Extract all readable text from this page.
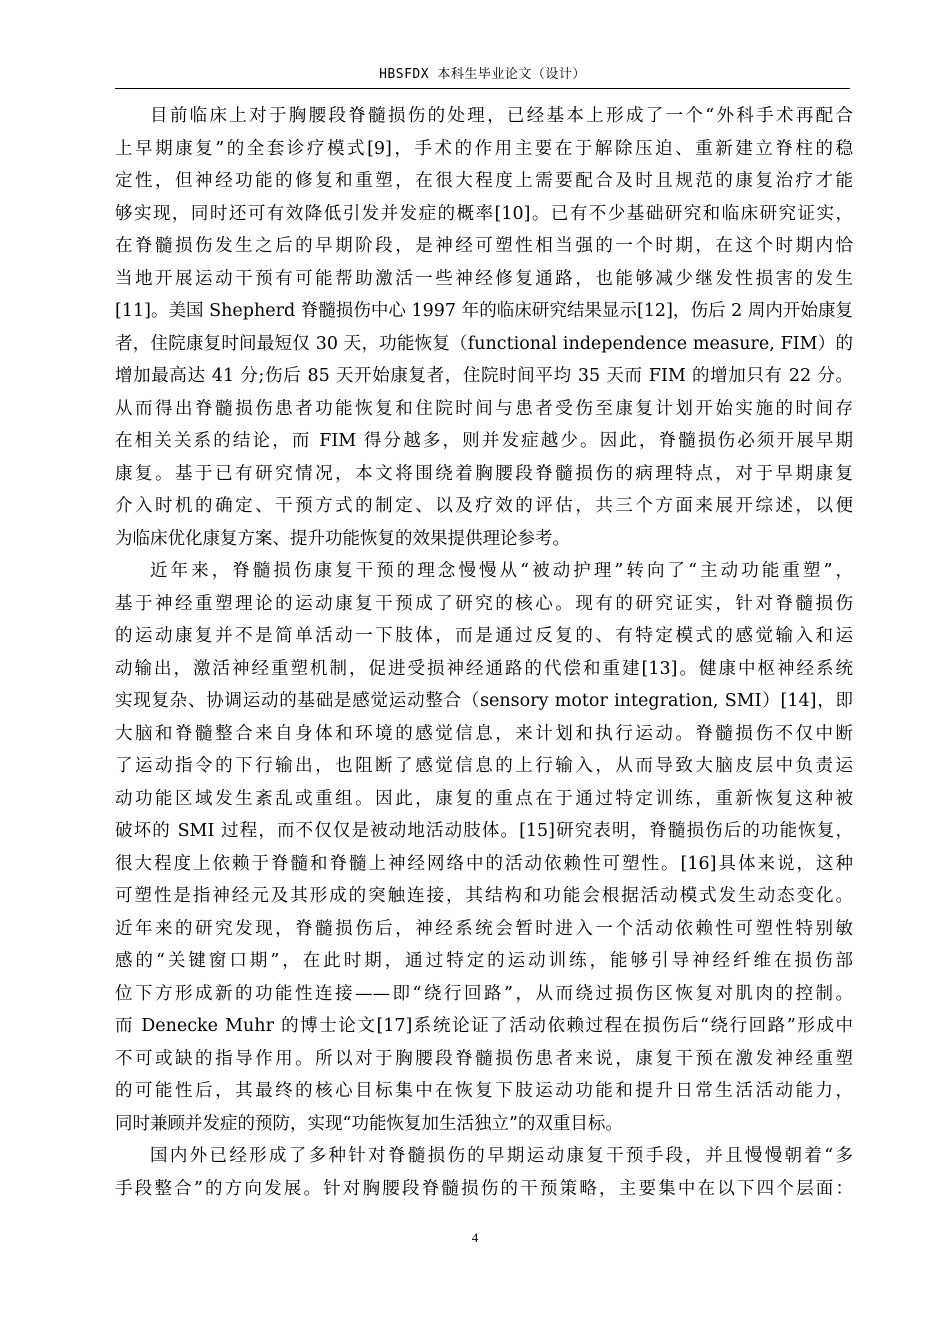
HBSFDX 本科生毕业论文（设计）
目前临床上对于胸腰段脊髓损伤的处理，已经基本上形成了一个“外科手术再配合
上早期康复”的全套诊疗模式[9]，手术的作用主要在于解除压迫、重新建立脊柱的稳
定性，但神经功能的修复和重塑，在很大程度上需要配合及时且规范的康复治疗才能
够实现，同时还可有效降低引发并发症的概率[10]。已有不少基础研究和临床研究证实，
在脊髓损伤发生之后的早期阶段，是神经可塑性相当强的一个时期，在这个时期内恰
当地开展运动干预有可能帮助激活一些神经修复通路，也能够减少继发性损害的发生
[11]。美国 Shepherd 脊髓损伤中心 1997 年的临床研究结果显示[12]，伤后 2 周内开始康复
者，住院康复时间最短仅 30 天，功能恢复（functional independence measure, FIM）的
增加最高达 41 分;伤后 85 天开始康复者，住院时间平均 35 天而 FIM 的增加只有 22 分。
从而得出脊髓损伤患者功能恢复和住院时间与患者受伤至康复计划开始实施的时间存
在相关关系的结论，而 FIM 得分越多，则并发症越少。因此，脊髓损伤必须开展早期
康复。基于已有研究情况，本文将围绕着胸腰段脊髓损伤的病理特点，对于早期康复
介入时机的确定、干预方式的制定、以及疗效的评估，共三个方面来展开综述，以便
为临床优化康复方案、提升功能恢复的效果提供理论参考。
近年来，脊髓损伤康复干预的理念慢慢从“被动护理”转向了“主动功能重塑”，
基于神经重塑理论的运动康复干预成了研究的核心。现有的研究证实，针对脊髓损伤
的运动康复并不是简单活动一下肢体，而是通过反复的、有特定模式的感觉输入和运
动输出，激活神经重塑机制，促进受损神经通路的代偿和重建[13]。健康中枢神经系统
实现复杂、协调运动的基础是感觉运动整合（sensory motor integration, SMI）[14]，即
大脑和脊髓整合来自身体和环境的感觉信息，来计划和执行运动。脊髓损伤不仅中断
了运动指令的下行输出，也阻断了感觉信息的上行输入，从而导致大脑皮层中负责运
动功能区域发生紊乱或重组。因此，康复的重点在于通过特定训练，重新恢复这种被
破坏的 SMI 过程，而不仅仅是被动地活动肢体。[15]研究表明，脊髓损伤后的功能恢复，
很大程度上依赖于脊髓和脊髓上神经网络中的活动依赖性可塑性。[16]具体来说，这种
可塑性是指神经元及其形成的突触连接，其结构和功能会根据活动模式发生动态变化。
近年来的研究发现，脊髓损伤后，神经系统会暂时进入一个活动依赖性可塑性特别敏
感的“关键窗口期”，在此时期，通过特定的运动训练，能够引导神经纤维在损伤部
位下方形成新的功能性连接——即“绕行回路”，从而绕过损伤区恢复对肌肉的控制。
而 Denecke Muhr 的博士论文[17]系统论证了活动依赖过程在损伤后“绕行回路”形成中
不可或缺的指导作用。所以对于胸腰段脊髓损伤患者来说，康复干预在激发神经重塑
的可能性后，其最终的核心目标集中在恢复下肢运动功能和提升日常生活活动能力，
同时兼顾并发症的预防，实现“功能恢复加生活独立”的双重目标。
国内外已经形成了多种针对脊髓损伤的早期运动康复干预手段，并且慢慢朝着“多
手段整合”的方向发展。针对胸腰段脊髓损伤的干预策略，主要集中在以下四个层面：
4
